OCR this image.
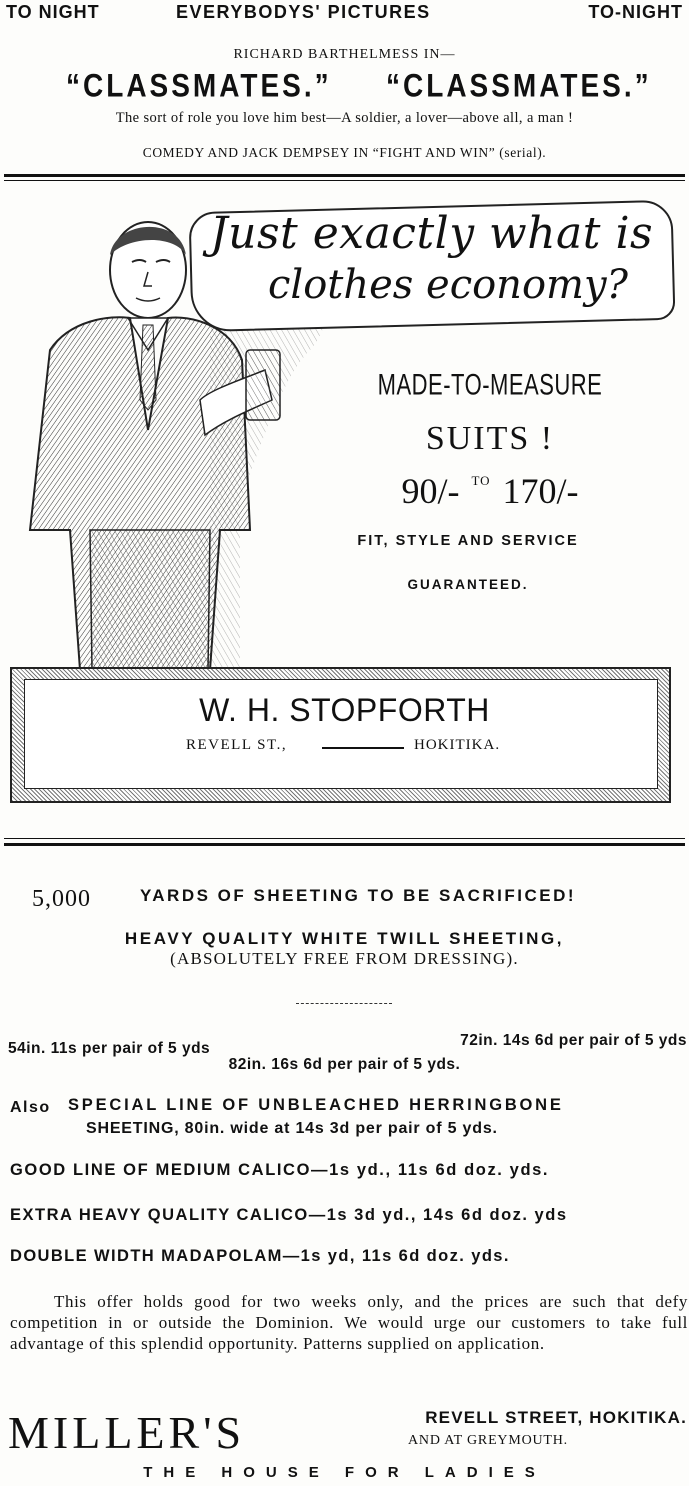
TO NIGHT	EVERYBODYS' PICTURES	TO-NIGHT
RICHARD BARTHELMESS IN—
“CLASSMATES.” “CLASSMATES.”
The sort of role you love him best—A soldier, a lover—above all, a man !
COMEDY AND JACK DEMPSEY IN “FIGHT AND WIN” (serial).
Just exactly what is
clothes economy?
MADE-TO-MEASURE
SUITS !
90/- $^{TO}$ 170/-
FIT, STYLE AND SERVICE
GUARANTEED.
W. H. STOPFORTH
REVELL ST.,	HOKITIKA.
5,000	YARDS OF SHEETING TO BE SACRIFICED!
HEAVY QUALITY WHITE TWILL SHEETING,
(ABSOLUTELY FREE FROM DRESSING).
54in. 11s per pair of 5 yds	72in. 14s 6d per pair of 5 yds
82in. 16s 6d per pair of 5 yds.
Also SPECIAL LINE OF UNBLEACHED HERRINGBONE
SHEETING, 80in. wide at 14s 3d per pair of 5 yds.
GOOD LINE OF MEDIUM CALICO—1s yd., 11s 6d doz. yds.
EXTRA HEAVY QUALITY CALICO—1s 3d yd., 14s 6d doz. yds
DOUBLE WIDTH MADAPOLAM—1s yd, 11s 6d doz. yds.
This offer holds good for two weeks only, and the prices are such that defy competition in or outside the Dominion. We would urge our customers to take full advantage of this splendid opportunity. Patterns supplied on application.
MILLER'S	REVELL STREET, HOKITIKA.
AND AT GREYMOUTH.
THE HOUSE FOR LADIES
